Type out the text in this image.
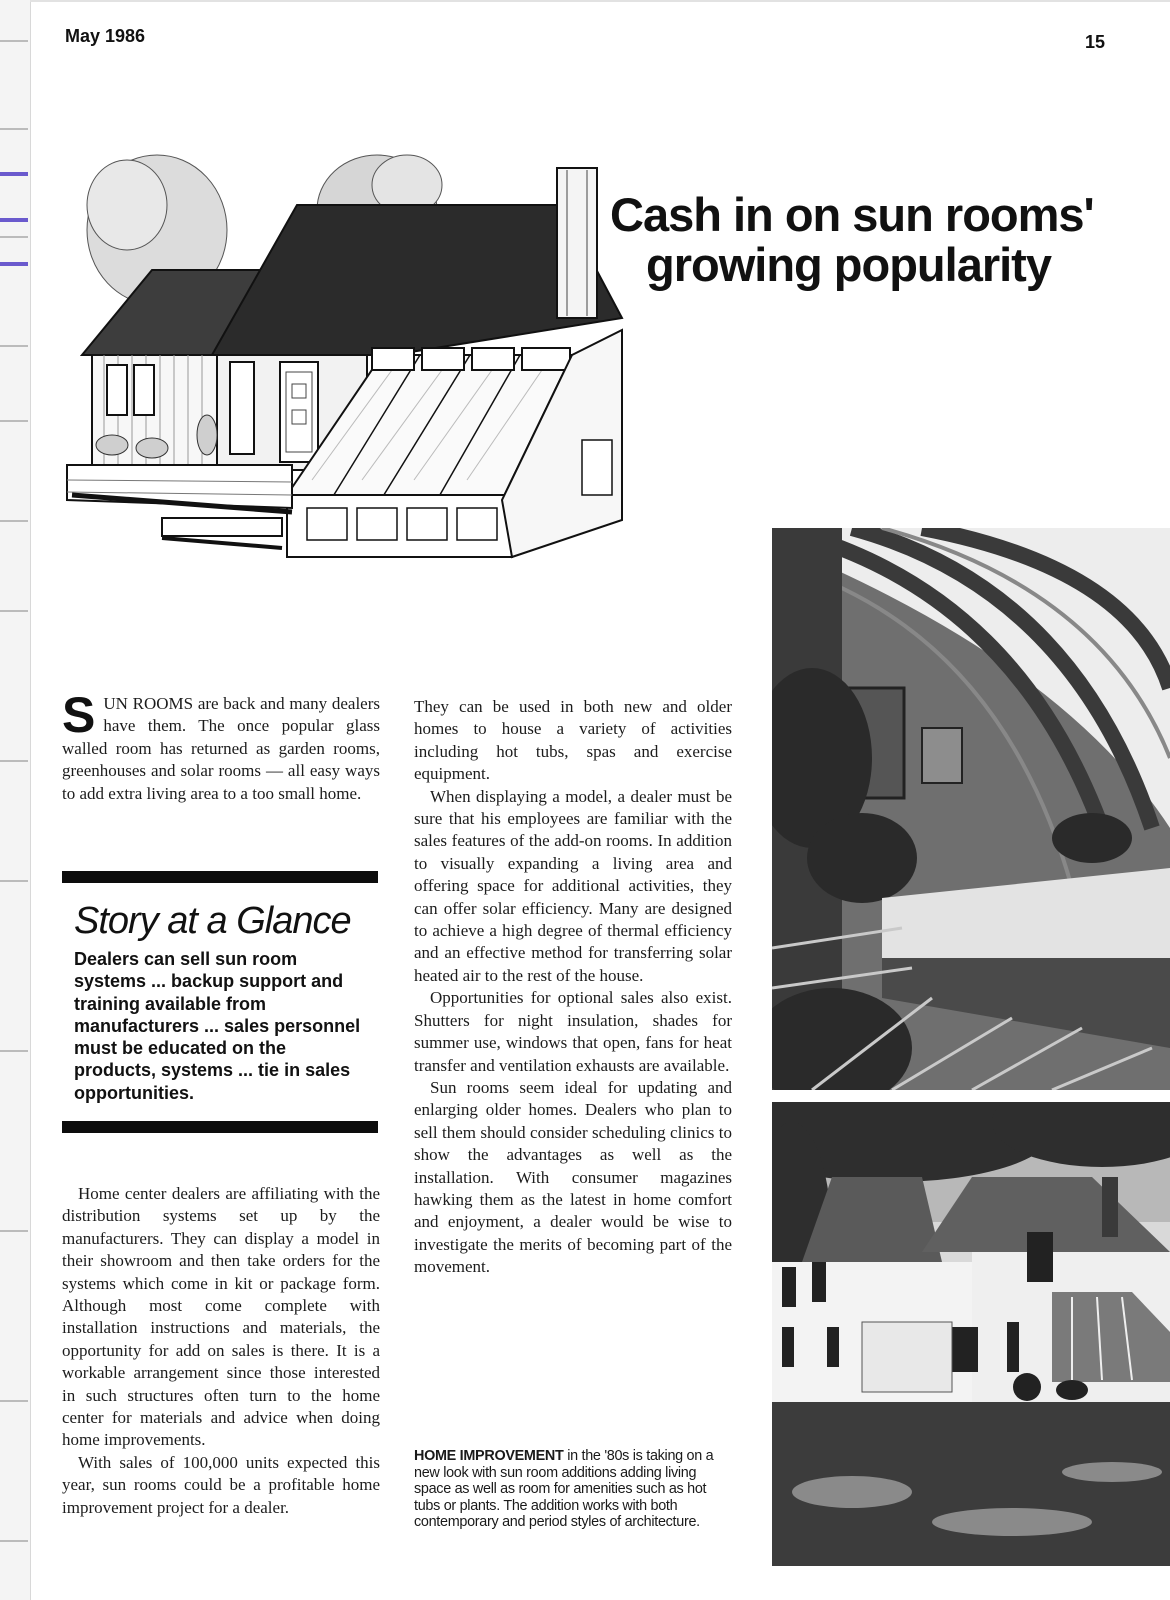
May 1986	15
Cash in on sun rooms'
growing popularity

SUN ROOMS are back and many dealers have them. The once popular glass walled room has returned as garden rooms, greenhouses and solar rooms — all easy ways to add extra living area to a too small home.

Story at a Glance
Dealers can sell sun room systems ... backup support and training available from manufacturers ... sales personnel must be educated on the products, systems ... tie in sales opportunities.

Home center dealers are affiliating with the distribution systems set up by the manufacturers. They can display a model in their showroom and then take orders for the systems which come in kit or package form. Although most come complete with installation instructions and materials, the opportunity for add on sales is there. It is a workable arrangement since those interested in such structures often turn to the home center for materials and advice when doing home improvements.

With sales of 100,000 units expected this year, sun rooms could be a profitable home improvement project for a dealer.

They can be used in both new and older homes to house a variety of activities including hot tubs, spas and exercise equipment.

When displaying a model, a dealer must be sure that his employees are familiar with the sales features of the add-on rooms. In addition to visually expanding a living area and offering space for additional activities, they can offer solar efficiency. Many are designed to achieve a high degree of thermal efficiency and an effective method for transferring solar heated air to the rest of the house.

Opportunities for optional sales also exist. Shutters for night insulation, shades for summer use, windows that open, fans for heat transfer and ventilation exhausts are available.

Sun rooms seem ideal for updating and enlarging older homes. Dealers who plan to sell them should consider scheduling clinics to show the advantages as well as the installation. With consumer magazines hawking them as the latest in home comfort and enjoyment, a dealer would be wise to investigate the merits of becoming part of the movement.

HOME IMPROVEMENT in the '80s is taking on a new look with sun room additions adding living space as well as room for amenities such as hot tubs or plants. The addition works with both contemporary and period styles of architecture.
